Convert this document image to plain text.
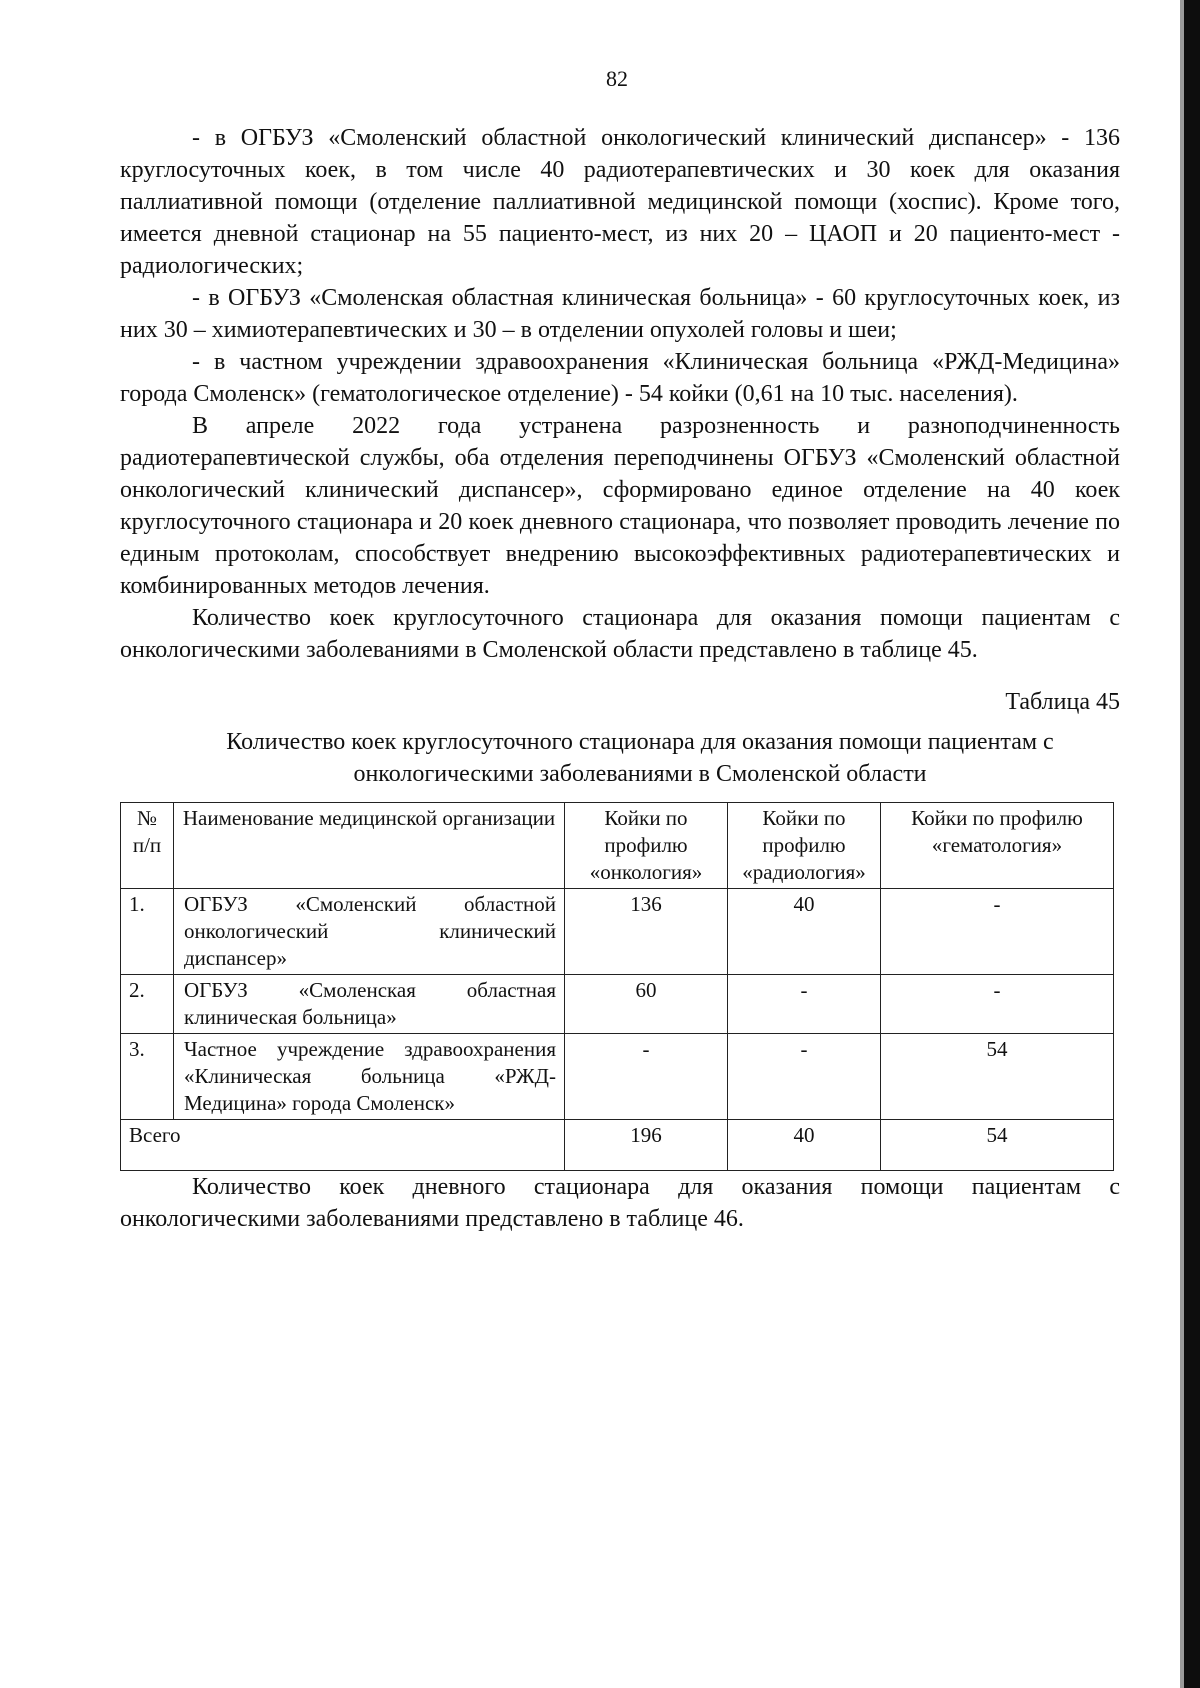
82

- в ОГБУЗ «Смоленский областной онкологический клинический диспансер» - 136 круглосуточных коек, в том числе 40 радиотерапевтических и 30 коек для оказания паллиативной помощи (отделение паллиативной медицинской помощи (хоспис). Кроме того, имеется дневной стационар на 55 пациенто-мест, из них 20 – ЦАОП и 20 пациенто-мест - радиологических;

- в ОГБУЗ «Смоленская областная клиническая больница» - 60 круглосуточных коек, из них 30 – химиотерапевтических и 30 – в отделении опухолей головы и шеи;

- в частном учреждении здравоохранения «Клиническая больница «РЖД-Медицина» города Смоленск» (гематологическое отделение) - 54 койки (0,61 на 10 тыс. населения).

В апреле 2022 года устранена разрозненность и разноподчиненность радиотерапевтической службы, оба отделения переподчинены ОГБУЗ «Смоленский областной онкологический клинический диспансер», сформировано единое отделение на 40 коек круглосуточного стационара и 20 коек дневного стационара, что позволяет проводить лечение по единым протоколам, способствует внедрению высокоэффективных радиотерапевтических и комбинированных методов лечения.

Количество коек круглосуточного стационара для оказания помощи пациентам с онкологическими заболеваниями в Смоленской области представлено в таблице 45.

Таблица 45
Количество коек круглосуточного стационара для оказания помощи пациентам с онкологическими заболеваниями в Смоленской области
№ п/п	Наименование медицинской организации	Койки по профилю «онкология»	Койки по профилю «радиология»	Койки по профилю «гематология»
1.	ОГБУЗ «Смоленский областной онкологический клинический диспансер»	136	40	-
2.	ОГБУЗ «Смоленская областная клиническая больница»	60	-	-
3.	Частное учреждение здравоохранения «Клиническая больница «РЖД-Медицина» города Смоленск»	-	-	54
Всего		196	40	54

Количество коек дневного стационара для оказания помощи пациентам с онкологическими заболеваниями представлено в таблице 46.
